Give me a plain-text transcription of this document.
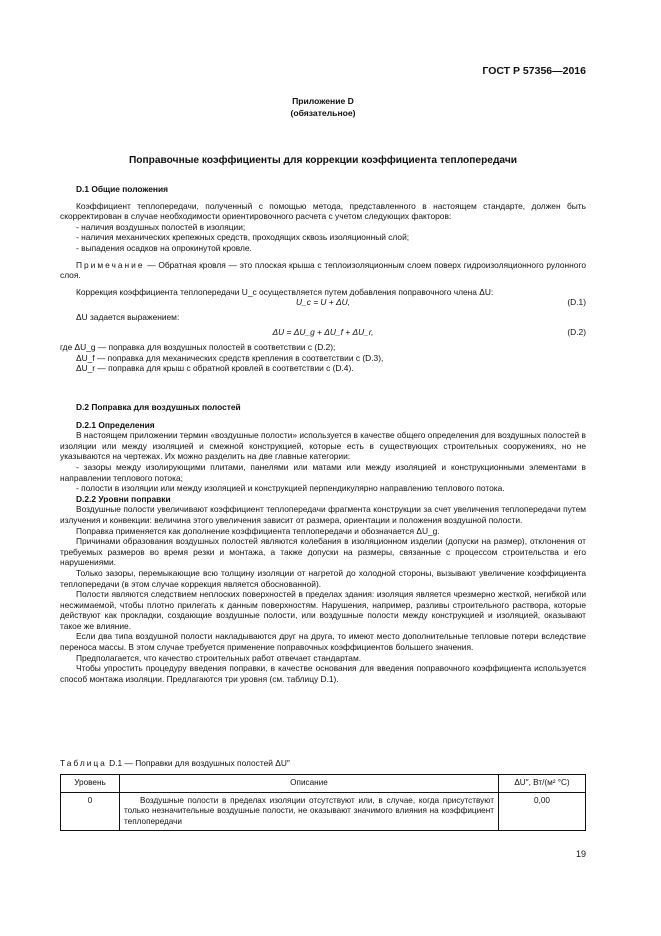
ГОСТ Р 57356—2016
Приложение D
(обязательное)
Поправочные коэффициенты для коррекции коэффициента теплопередачи

D.1 Общие положения

Коэффициент теплопередачи, полученный с помощью метода, представленного в настоящем стандарте, должен быть скорректирован в случае необходимости ориентировочного расчета с учетом следующих факторов:

- наличия воздушных полостей в изоляции;

- наличия механических крепежных средств, проходящих сквозь изоляционный слой;

- выпадения осадков на опрокинутой кровле.

Примечание — Обратная кровля — это плоская крыша с теплоизоляционным слоем поверх гидроизоляционного рулонного слоя.

Коррекция коэффициента теплопередачи U_c осуществляется путем добавления поправочного члена ΔU:

U_c = U + ΔU,	(D.1)

ΔU задается выражением:

ΔU = ΔU_g + ΔU_f + ΔU_r,	(D.2)

где ΔU_g — поправка для воздушных полостей в соответствии с (D.2);

ΔU_f — поправка для механических средств крепления в соответствии с (D.3),

ΔU_r — поправка для крыш с обратной кровлей в соответствии с (D.4).

D.2 Поправка для воздушных полостей

D.2.1 Определения

В настоящем приложении термин «воздушные полости» используется в качестве общего определения для воздушных полостей в изоляции или между изоляцией и смежной конструкцией, которые есть в существующих строительных сооружениях, но не указываются на чертежах. Их можно разделить на две главные категории:

- зазоры между изолирующими плитами, панелями или матами или между изоляцией и конструкционными элементами в направлении теплового потока;

- полости в изоляции или между изоляцией и конструкцией перпендикулярно направлению теплового потока.

D.2.2 Уровни поправки

Воздушные полости увеличивают коэффициент теплопередачи фрагмента конструкции за счет увеличения теплопередачи путем излучения и конвекции: величина этого увеличения зависит от размера, ориентации и положения воздушной полости.

Поправка применяется как дополнение коэффициента теплопередачи и обозначается ΔU_g.

Причинами образования воздушных полостей являются колебания в изоляционном изделии (допуски на размер), отклонения от требуемых размеров во время резки и монтажа, а также допуски на размеры, связанные с процессом строительства и его нарушениями.

Только зазоры, перемыкающие всю толщину изоляции от нагретой до холодной стороны, вызывают увеличение коэффициента теплопередачи (в этом случае коррекция является обоснованной).

Полости являются следствием неплоских поверхностей в пределах здания: изоляция является чрезмерно жесткой, негибкой или несжимаемой, чтобы плотно прилегать к данным поверхностям. Нарушения, например, разливы строительного раствора, которые действуют как прокладки, создающие воздушные полости, или воздушные полости между конструкцией и изоляцией, оказывают такое же влияние.

Если два типа воздушной полости накладываются друг на друга, то имеют место дополнительные тепловые потери вследствие переноса массы. В этом случае требуется применение поправочных коэффициентов большего значения.

Предполагается, что качество строительных работ отвечает стандартам.

Чтобы упростить процедуру введения поправки, в качестве основания для введения поправочного коэффициента используется способ монтажа изоляции. Предлагаются три уровня (см. таблицу D.1).

Таблица D.1 — Поправки для воздушных полостей ΔU″
Уровень	Описание	ΔU″, Вт/(м² °С)
0	Воздушные полости в пределах изоляции отсутствуют или, в случае, когда присутствуют только незначительные воздушные полости, не оказывают значимого влияния на коэффициент теплопередачи	0,00
19
